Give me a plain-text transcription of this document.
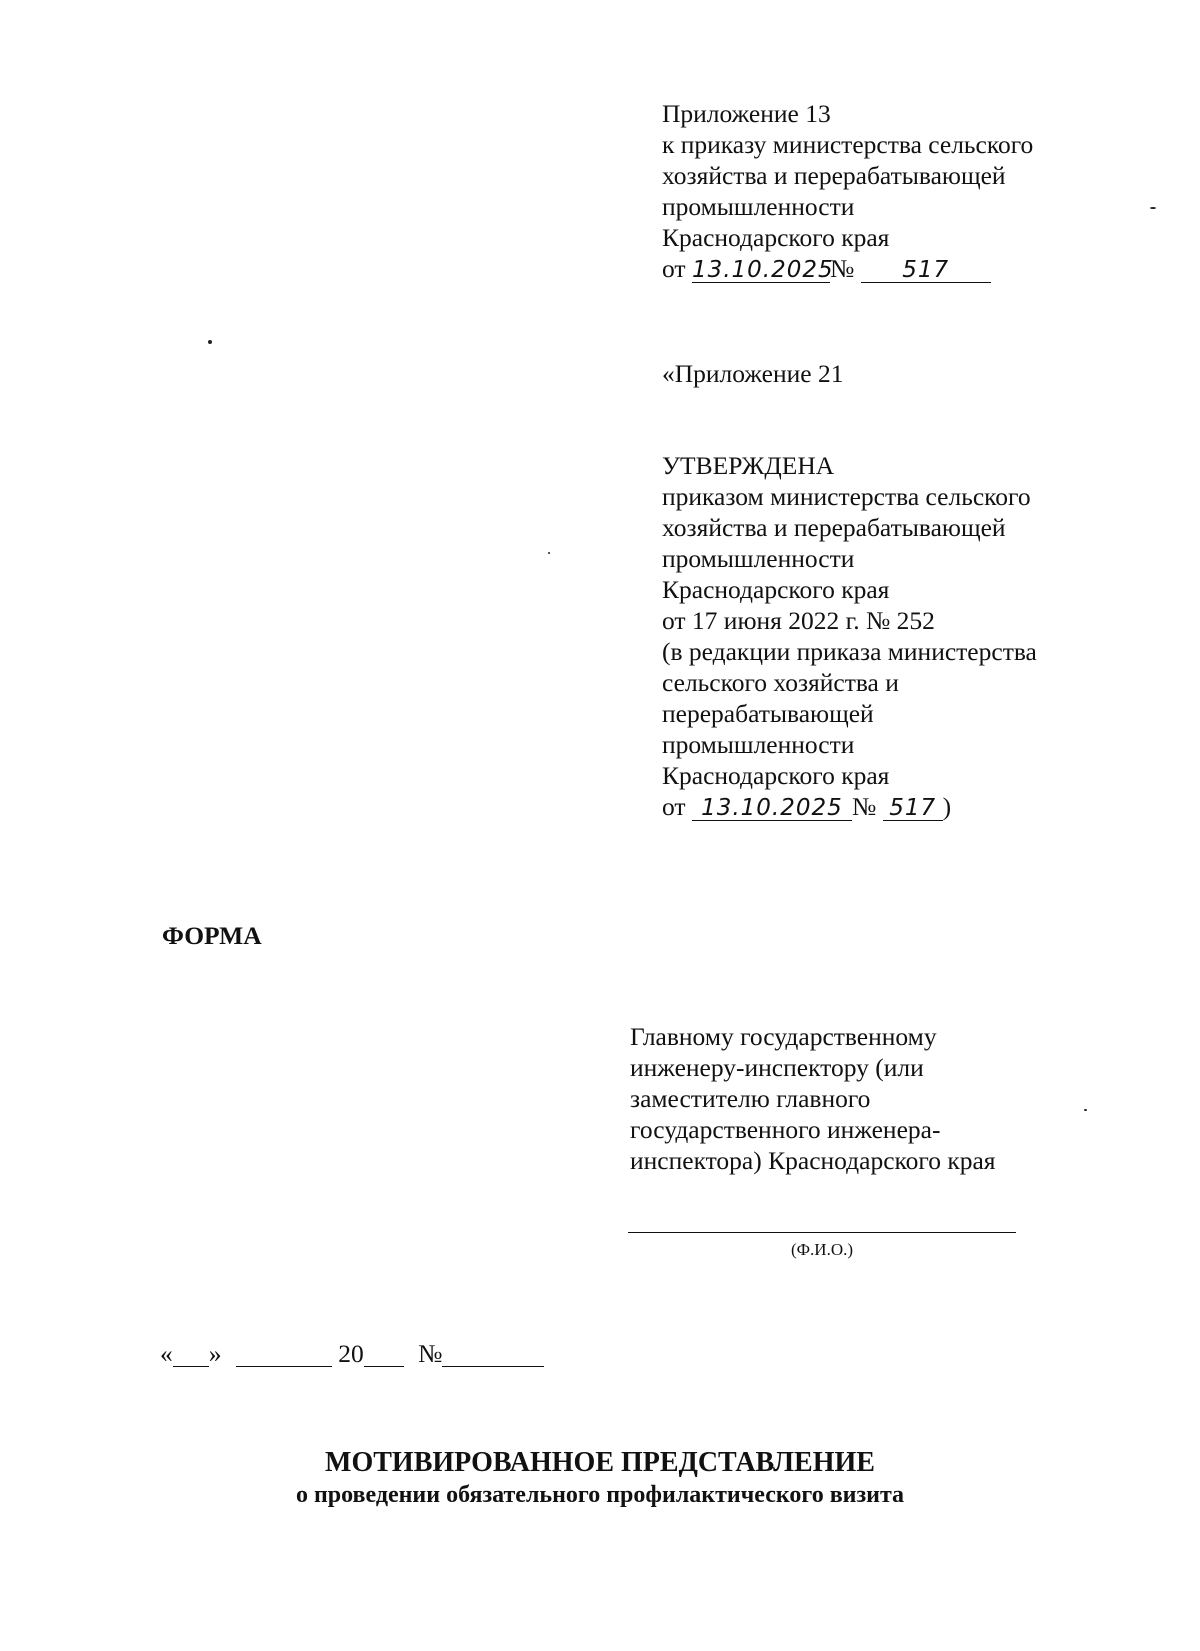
Приложение 13
к приказу министерства сельского
хозяйства и перерабатывающей
промышленности
Краснодарского края
от 13.10.2025№ 517
«Приложение 21
УТВЕРЖДЕНА
приказом министерства сельского
хозяйства и перерабатывающей
промышленности
Краснодарского края
от 17 июня 2022 г. № 252
(в редакции приказа министерства
сельского хозяйства и
перерабатывающей
промышленности
Краснодарского края
от 13.10.2025 № 517 )
ФОРМА
Главному государственному
инженеру-инспектору (или
заместителю главного
государственного инженера-
инспектора) Краснодарского края
(Ф.И.О.)
« »	20 №
МОТИВИРОВАННОЕ ПРЕДСТАВЛЕНИЕ
о проведении обязательного профилактического визита
